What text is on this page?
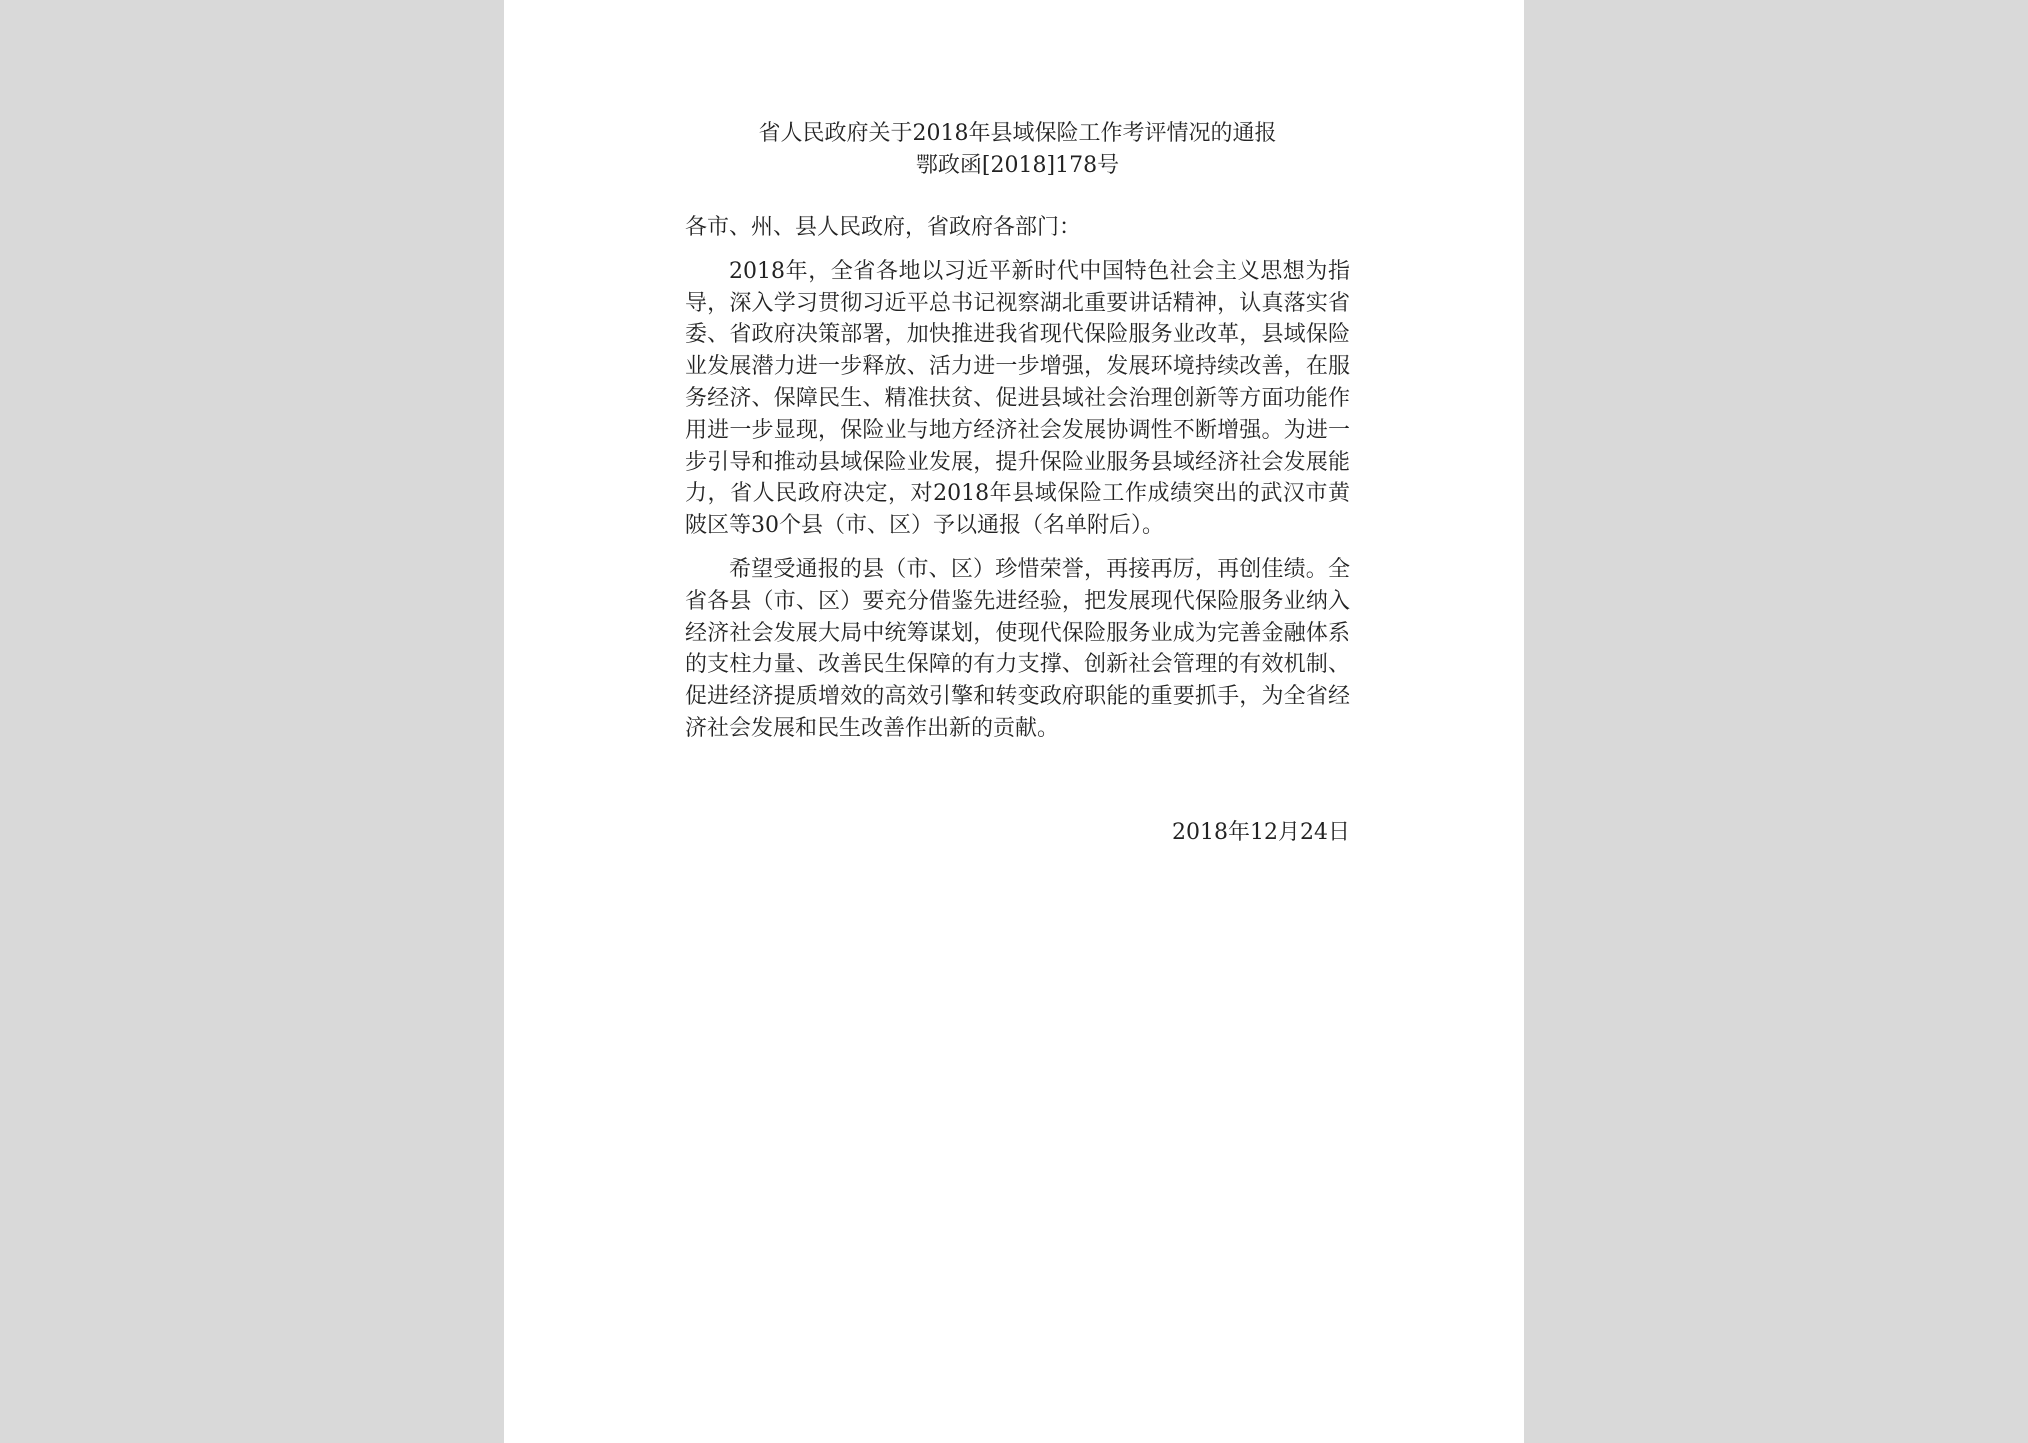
省人民政府关于2018年县域保险工作考评情况的通报
鄂政函[2018]178号
各市、州、县人民政府，省政府各部门：

2018年，全省各地以习近平新时代中国特色社会主义思想为指导，深入学习贯彻习近平总书记视察湖北重要讲话精神，认真落实省委、省政府决策部署，加快推进我省现代保险服务业改革，县域保险业发展潜力进一步释放、活力进一步增强，发展环境持续改善，在服务经济、保障民生、精准扶贫、促进县域社会治理创新等方面功能作用进一步显现，保险业与地方经济社会发展协调性不断增强。为进一步引导和推动县域保险业发展，提升保险业服务县域经济社会发展能力，省人民政府决定，对2018年县域保险工作成绩突出的武汉市黄陂区等30个县（市、区）予以通报（名单附后）。

希望受通报的县（市、区）珍惜荣誉，再接再厉，再创佳绩。全省各县（市、区）要充分借鉴先进经验，把发展现代保险服务业纳入经济社会发展大局中统筹谋划，使现代保险服务业成为完善金融体系的支柱力量、改善民生保障的有力支撑、创新社会管理的有效机制、促进经济提质增效的高效引擎和转变政府职能的重要抓手，为全省经济社会发展和民生改善作出新的贡献。

2018年12月24日
